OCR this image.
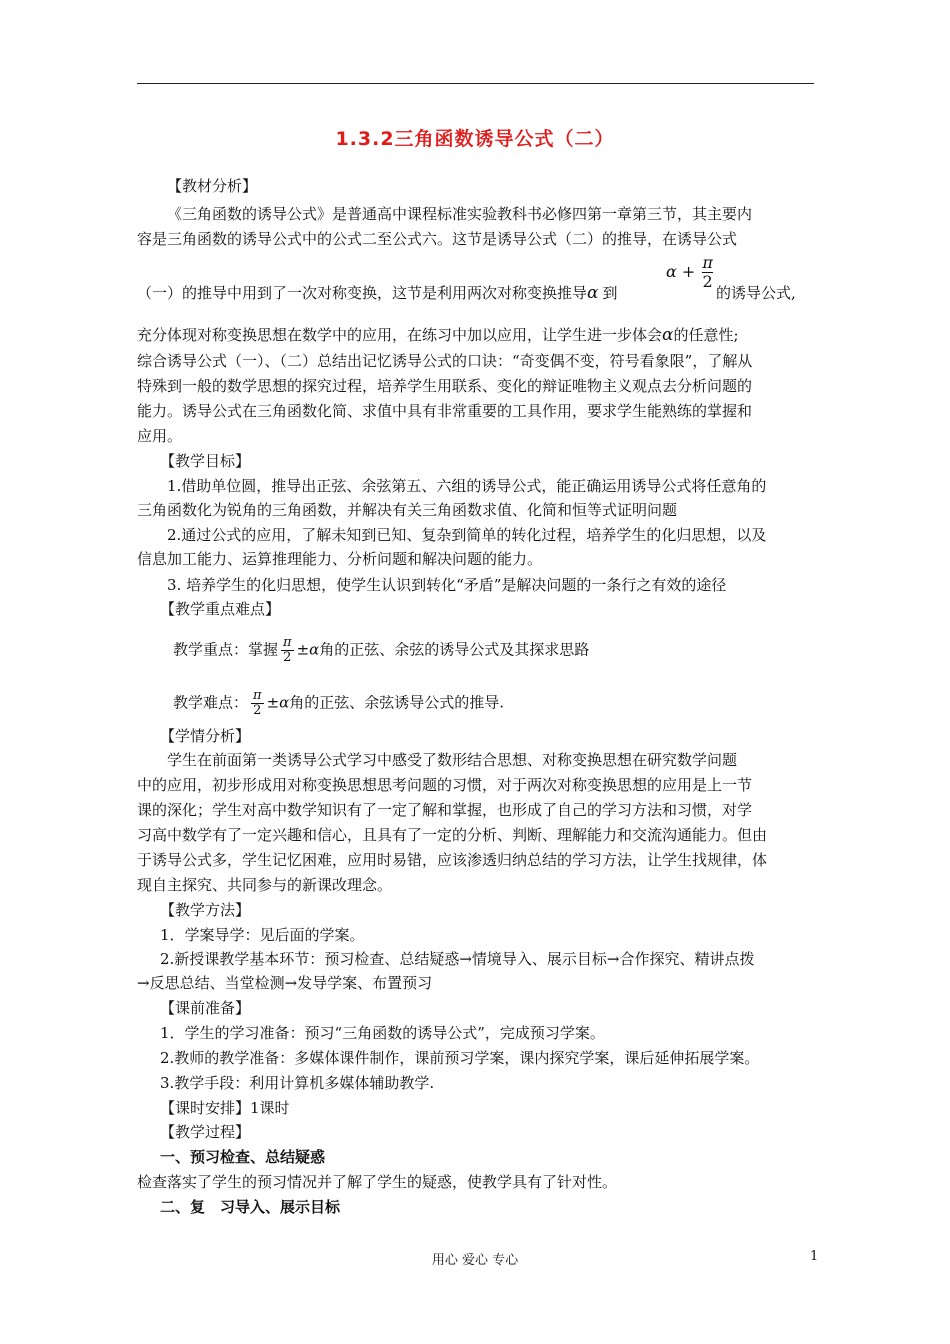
1.3.2三角函数诱导公式（二）
【教材分析】
《三角函数的诱导公式》是普通高中课程标准实验教科书必修四第一章第三节，其主要内
容是三角函数的诱导公式中的公式二至公式六。这节是诱导公式（二）的推导，在诱导公式
$\alpha + \frac{\pi}{2}$
（一）的推导中用到了一次对称变换，这节是利用两次对称变换推导α 到	的诱导公式,
充分体现对称变换思想在数学中的应用，在练习中加以应用，让学生进一步体会α的任意性;
综合诱导公式（一）、（二）总结出记忆诱导公式的口诀：“奇变偶不变，符号看象限”，了解从
特殊到一般的数学思想的探究过程，培养学生用联系、变化的辩证唯物主义观点去分析问题的
能力。诱导公式在三角函数化简、求值中具有非常重要的工具作用，要求学生能熟练的掌握和
应用。
【教学目标】
1.借助单位圆，推导出正弦、余弦第五、六组的诱导公式，能正确运用诱导公式将任意角的
三角函数化为锐角的三角函数，并解决有关三角函数求值、化简和恒等式证明问题
2.通过公式的应用，了解未知到已知、复杂到简单的转化过程，培养学生的化归思想，以及
信息加工能力、运算推理能力、分析问题和解决问题的能力。
3. 培养学生的化归思想，使学生认识到转化“矛盾”是解决问题的一条行之有效的途径
【教学重点难点】
教学重点：掌握 $\frac{\pi}{2} \pm\alpha$角的正弦、余弦的诱导公式及其探求思路
教学难点： $\frac{\pi}{2} \pm\alpha$角的正弦、余弦诱导公式的推导.
【学情分析】
学生在前面第一类诱导公式学习中感受了数形结合思想、对称变换思想在研究数学问题
中的应用，初步形成用对称变换思想思考问题的习惯，对于两次对称变换思想的应用是上一节
课的深化；学生对高中数学知识有了一定了解和掌握，也形成了自己的学习方法和习惯，对学
习高中数学有了一定兴趣和信心，且具有了一定的分析、判断、理解能力和交流沟通能力。但由
于诱导公式多，学生记忆困难，应用时易错，应该渗透归纳总结的学习方法，让学生找规律，体
现自主探究、共同参与的新课改理念。
【教学方法】
1．学案导学：见后面的学案。
2.新授课教学基本环节：预习检查、总结疑惑→情境导入、展示目标→合作探究、精讲点拨
→反思总结、当堂检测→发导学案、布置预习
【课前准备】
1．学生的学习准备：预习“三角函数的诱导公式”，完成预习学案。
2.教师的教学准备：多媒体课件制作，课前预习学案，课内探究学案，课后延伸拓展学案。
3.教学手段：利用计算机多媒体辅助教学.
【课时安排】1课时
【教学过程】
一、预习检查、总结疑惑
检查落实了学生的预习情况并了解了学生的疑惑，使教学具有了针对性。
二、复　习导入、展示目标
用心 爱心 专心	1
